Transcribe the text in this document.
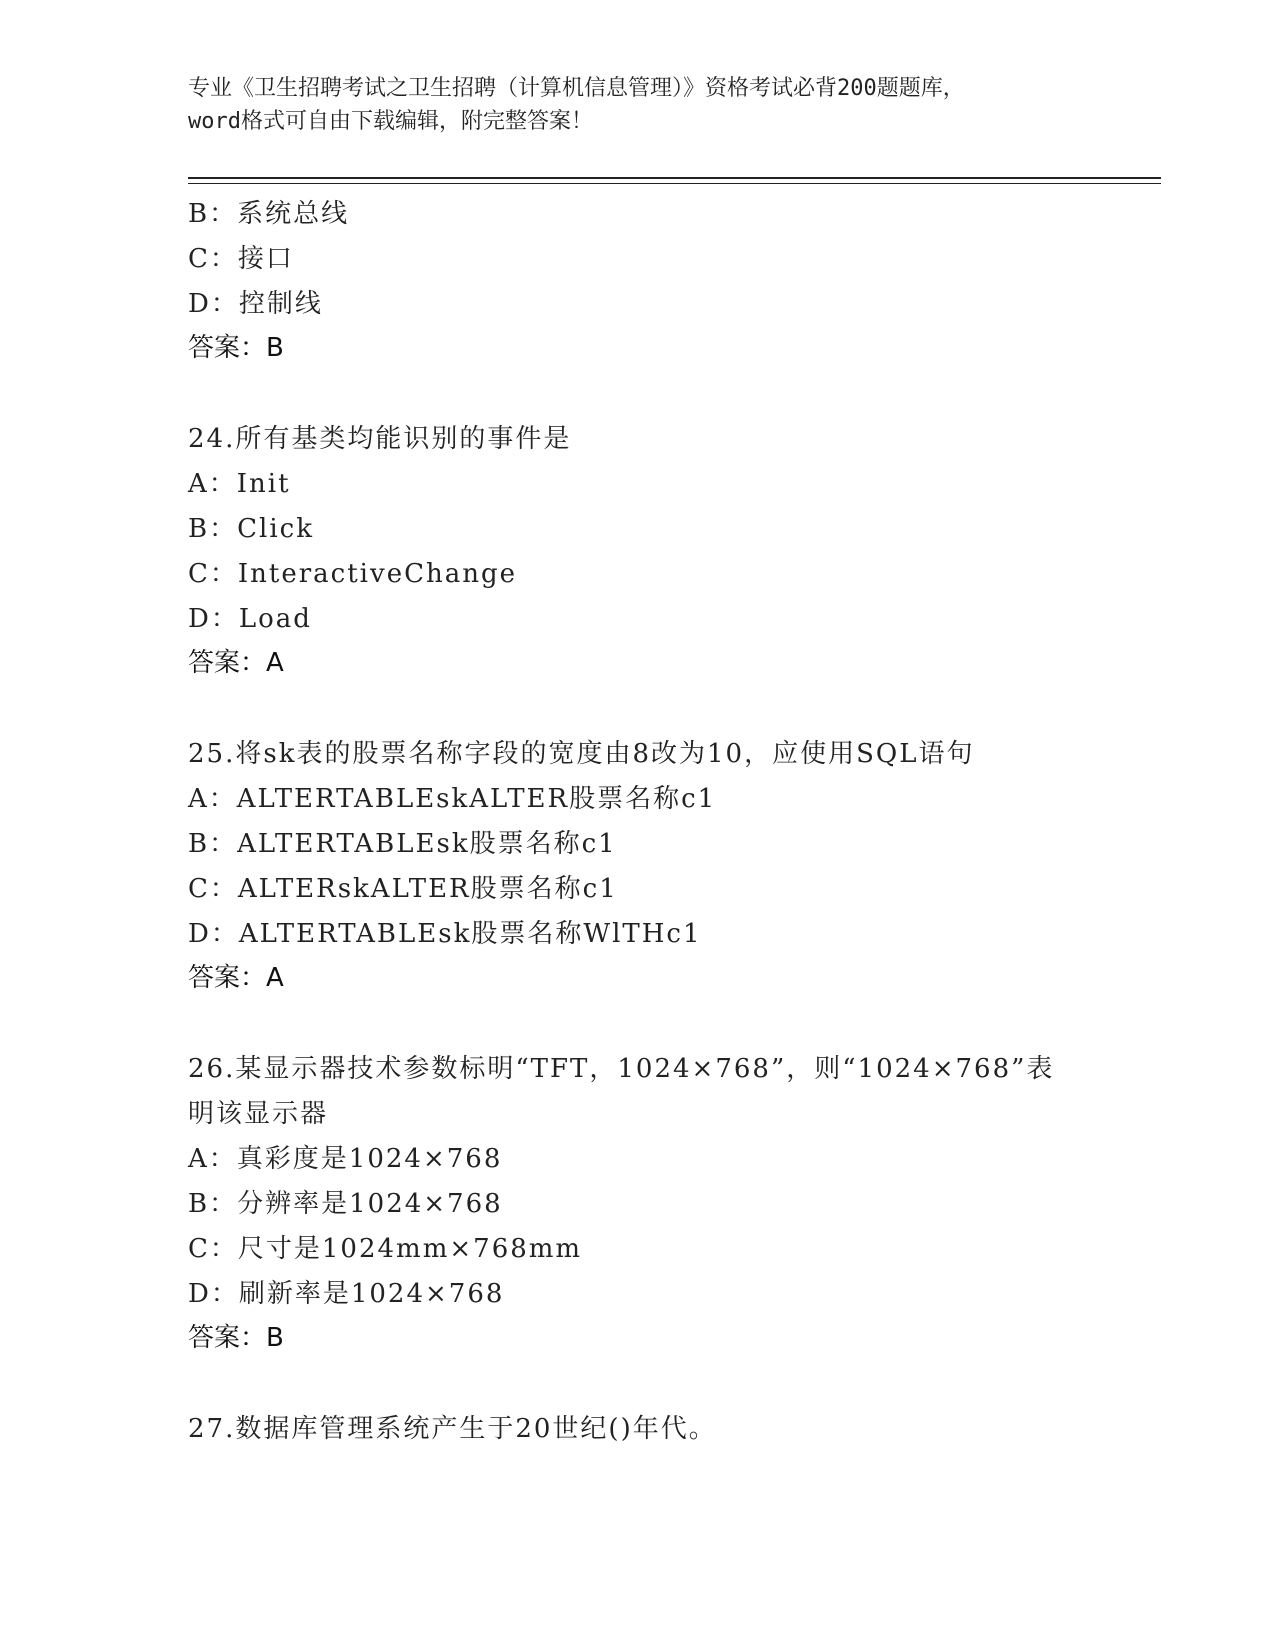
专业《卫生招聘考试之卫生招聘（计算机信息管理）》资格考试必背200题题库，
word格式可自由下载编辑，附完整答案！
B：系统总线
C：接口
D：控制线
答案：B
24.所有基类均能识别的事件是
A：Init
B：Click
C：InteractiveChange
D：Load
答案：A
25.将sk表的股票名称字段的宽度由8改为10，应使用SQL语句
A：ALTERTABLEskALTER股票名称c1
B：ALTERTABLEsk股票名称c1
C：ALTERskALTER股票名称c1
D：ALTERTABLEsk股票名称WlTHc1
答案：A
26.某显示器技术参数标明“TFT，1024×768”，则“1024×768”表
明该显示器
A：真彩度是1024×768
B：分辨率是1024×768
C：尺寸是1024mm×768mm
D：刷新率是1024×768
答案：B
27.数据库管理系统产生于20世纪()年代。
